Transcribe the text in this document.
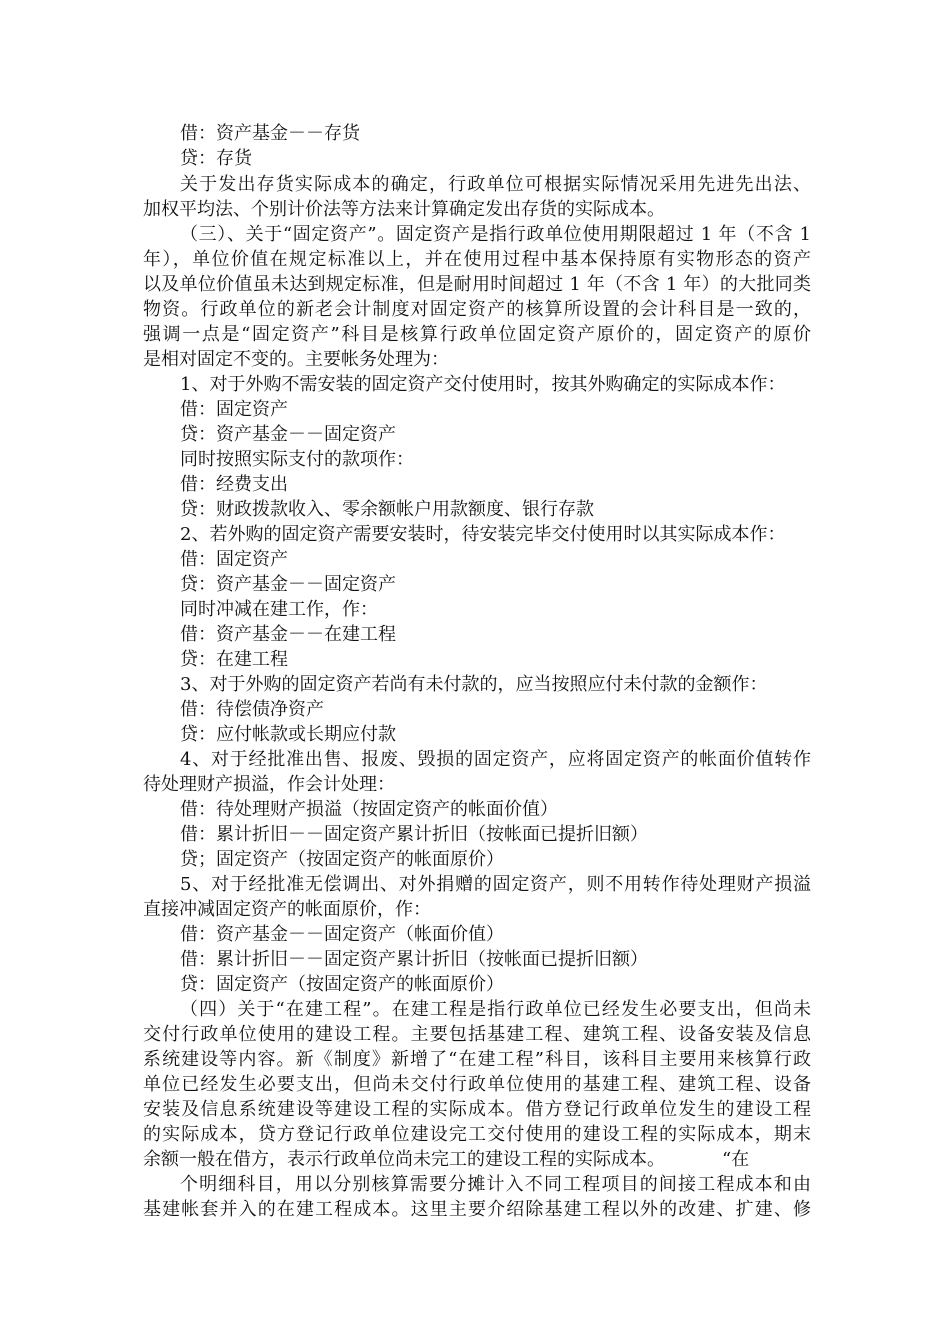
借：资产基金－－存货
贷：存货
关于发出存货实际成本的确定，行政单位可根据实际情况采用先进先出法、
加权平均法、个别计价法等方法来计算确定发出存货的实际成本。
（三）、关于“固定资产”。固定资产是指行政单位使用期限超过 1 年（不含 1
年），单位价值在规定标准以上，并在使用过程中基本保持原有实物形态的资产
以及单位价值虽未达到规定标准，但是耐用时间超过 1 年（不含 1 年）的大批同类
物资。行政单位的新老会计制度对固定资产的核算所设置的会计科目是一致的，
强调一点是“固定资产”科目是核算行政单位固定资产原价的，固定资产的原价
是相对固定不变的。主要帐务处理为：
1、对于外购不需安装的固定资产交付使用时，按其外购确定的实际成本作：
借：固定资产
贷：资产基金－－固定资产
同时按照实际支付的款项作：
借：经费支出
贷：财政拨款收入、零余额帐户用款额度、银行存款
2、若外购的固定资产需要安装时，待安装完毕交付使用时以其实际成本作：
借：固定资产
贷：资产基金－－固定资产
同时冲减在建工作，作：
借：资产基金－－在建工程
贷：在建工程
3、对于外购的固定资产若尚有未付款的，应当按照应付未付款的金额作：
借：待偿债净资产
贷：应付帐款或长期应付款
4、对于经批准出售、报废、毁损的固定资产，应将固定资产的帐面价值转作
待处理财产损溢，作会计处理：
借：待处理财产损溢（按固定资产的帐面价值）
借：累计折旧－－固定资产累计折旧（按帐面已提折旧额）
贷；固定资产（按固定资产的帐面原价）
5、对于经批准无偿调出、对外捐赠的固定资产，则不用转作待处理财产损溢
直接冲减固定资产的帐面原价，作：
借：资产基金－－固定资产（帐面价值）
借：累计折旧－－固定资产累计折旧（按帐面已提折旧额）
贷：固定资产（按固定资产的帐面原价）
（四）关于“在建工程”。在建工程是指行政单位已经发生必要支出，但尚未
交付行政单位使用的建设工程。主要包括基建工程、建筑工程、设备安装及信息
系统建设等内容。新《制度》新增了“在建工程”科目，该科目主要用来核算行政
单位已经发生必要支出，但尚未交付行政单位使用的基建工程、建筑工程、设备
安装及信息系统建设等建设工程的实际成本。借方登记行政单位发生的建设工程
的实际成本，贷方登记行政单位建设完工交付使用的建设工程的实际成本，期末
余额一般在借方，表示行政单位尚未完工的建设工程的实际成本。	“在
个明细科目，用以分别核算需要分摊计入不同工程项目的间接工程成本和由
基建帐套并入的在建工程成本。这里主要介绍除基建工程以外的改建、扩建、修
